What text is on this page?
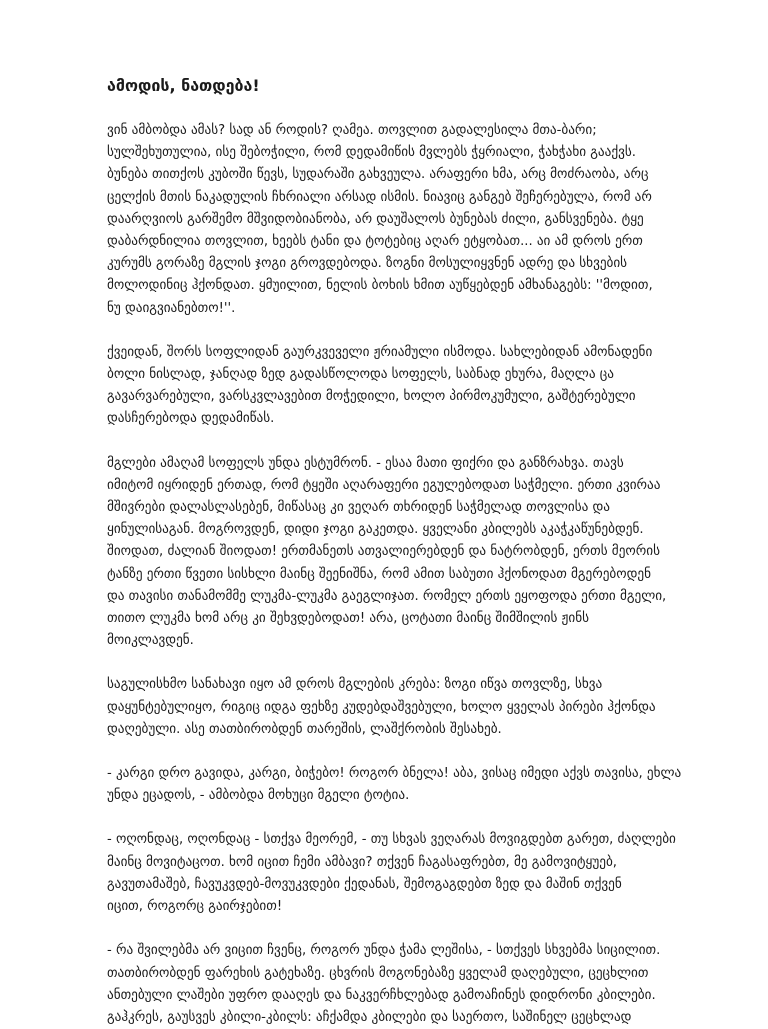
ამოდის, ნათდება!

ვინ ამბობდა ამას? სად ან როდის? ღამეა. თოვლით გადალესილა მთა-ბარი;
სულშეხუთულია, ისე შებოჭილი, რომ დედამიწის მვლებს ჭყრიალი, ჭახჭახი გააქვს.
ბუნება თითქოს კუბოში წევს, სუდარაში გახვეულა. არაფერი ხმა, არც მოძრაობა, არც
ცელქის მთის ნაკადულის ჩხრიალი არსად ისმის. ნიავიც განგებ შეჩერებულა, რომ არ
დაარღვიოს გარშემო მშვიდობიანობა, არ დაუშალოს ბუნებას ძილი, განსვენება. ტყე
დაბარდნილია თოვლით, ხეებს ტანი და ტოტებიც აღარ ეტყობათ... აი ამ დროს ერთ
კურუმს გორაზე მგლის ჯოგი გროვდებოდა. ზოგნი მოსულიყვნენ ადრე და სხვების
მოლოდინიც ჰქონდათ. ყმუილით, ნელის ბოხის ხმით აუწყებდენ ამხანაგებს: ''მოდით,
ნუ დაიგვიანებთო!''.

ქვეიდან, შორს სოფლიდან გაურკვეველი ჟრიამული ისმოდა. სახლებიდან ამონადენი
ბოლი ნისლად, ჯანღად ზედ გადასწოლოდა სოფელს, საბნად ეხურა, მაღლა ცა
გავარვარებული, ვარსკვლავებით მოჭედილი, ხოლო პირმოკუმული, გაშტერებული
დასჩერებოდა დედამიწას.

მგლები ამაღამ სოფელს უნდა ესტუმრონ. - ესაა მათი ფიქრი და განზრახვა. თავს
იმიტომ იყრიდენ ერთად, რომ ტყეში აღარაფერი ეგულებოდათ საჭმელი. ერთი კვირაა
მშივრები დალასლასებენ, მიწასაც კი ვეღარ თხრიდენ საჭმელად თოვლისა და
ყინულისაგან. მოგროვდენ, დიდი ჯოგი გაკეთდა. ყველანი კბილებს აკაჭკაწუნებდენ.
შიოდათ, ძალიან შიოდათ! ერთმანეთს ათვალიერებდენ და ნატრობდენ, ერთს მეორის
ტანზე ერთი წვეთი სისხლი მაინც შეენიშნა, რომ ამით საბუთი ჰქონოდათ მგერებოდენ
და თავისი თანამომმე ლუკმა-ლუკმა გაეგლიჯათ. რომელ ერთს ეყოფოდა ერთი მგელი,
თითო ლუკმა ხომ არც კი შეხვდებოდათ! არა, ცოტათი მაინც შიმშილის ჟინს
მოიკლავდენ.

საგულისხმო სანახავი იყო ამ დროს მგლების კრება: ზოგი იწვა თოვლზე, სხვა
დაყუნტებულიყო, რიგიც იდგა ფეხზე კუდებდაშვებული, ხოლო ყველას პირები ჰქონდა
დაღებული. ასე თათბირობდენ თარეშის, ლაშქრობის შესახებ.

- კარგი დრო გავიდა, კარგი, ბიჭებო! როგორ ბნელა! აბა, ვისაც იმედი აქვს თავისა, ეხლა
უნდა ეცადოს, - ამბობდა მოხუცი მგელი ტოტია.

- ოღონდაც, ოღონდაც - სთქვა მეორემ, - თუ სხვას ვეღარას მოვიგდებთ გარეთ, ძაღლები
მაინც მოვიტაცოთ. ხომ იცით ჩემი ამბავი? თქვენ ჩაგასაფრებთ, მე გამოვიტყუებ,
გავუთამაშებ, ჩავუკვდებ-მოვუკვდები ქედანას, შემოგაგდებთ ზედ და მაშინ თქვენ
იცით, როგორც გაირჯებით!

- რა შვილებმა არ ვიცით ჩვენც, როგორ უნდა ჭამა ლეშისა, - სთქვეს სხვებმა სიცილით.
თათბირობდენ ფარეხის გატეხაზე. ცხვრის მოგონებაზე ყველამ დაღებული, ცეცხლით
ანთებული ლაშები უფრო დააღეს და ნაკვერჩხლებად გამოაჩინეს დიდრონი კბილები.
გაჰკრეს, გაუსვეს კბილი-კბილს: აჩქამდა კბილები და საერთო, საშინელ ცეცხლად
